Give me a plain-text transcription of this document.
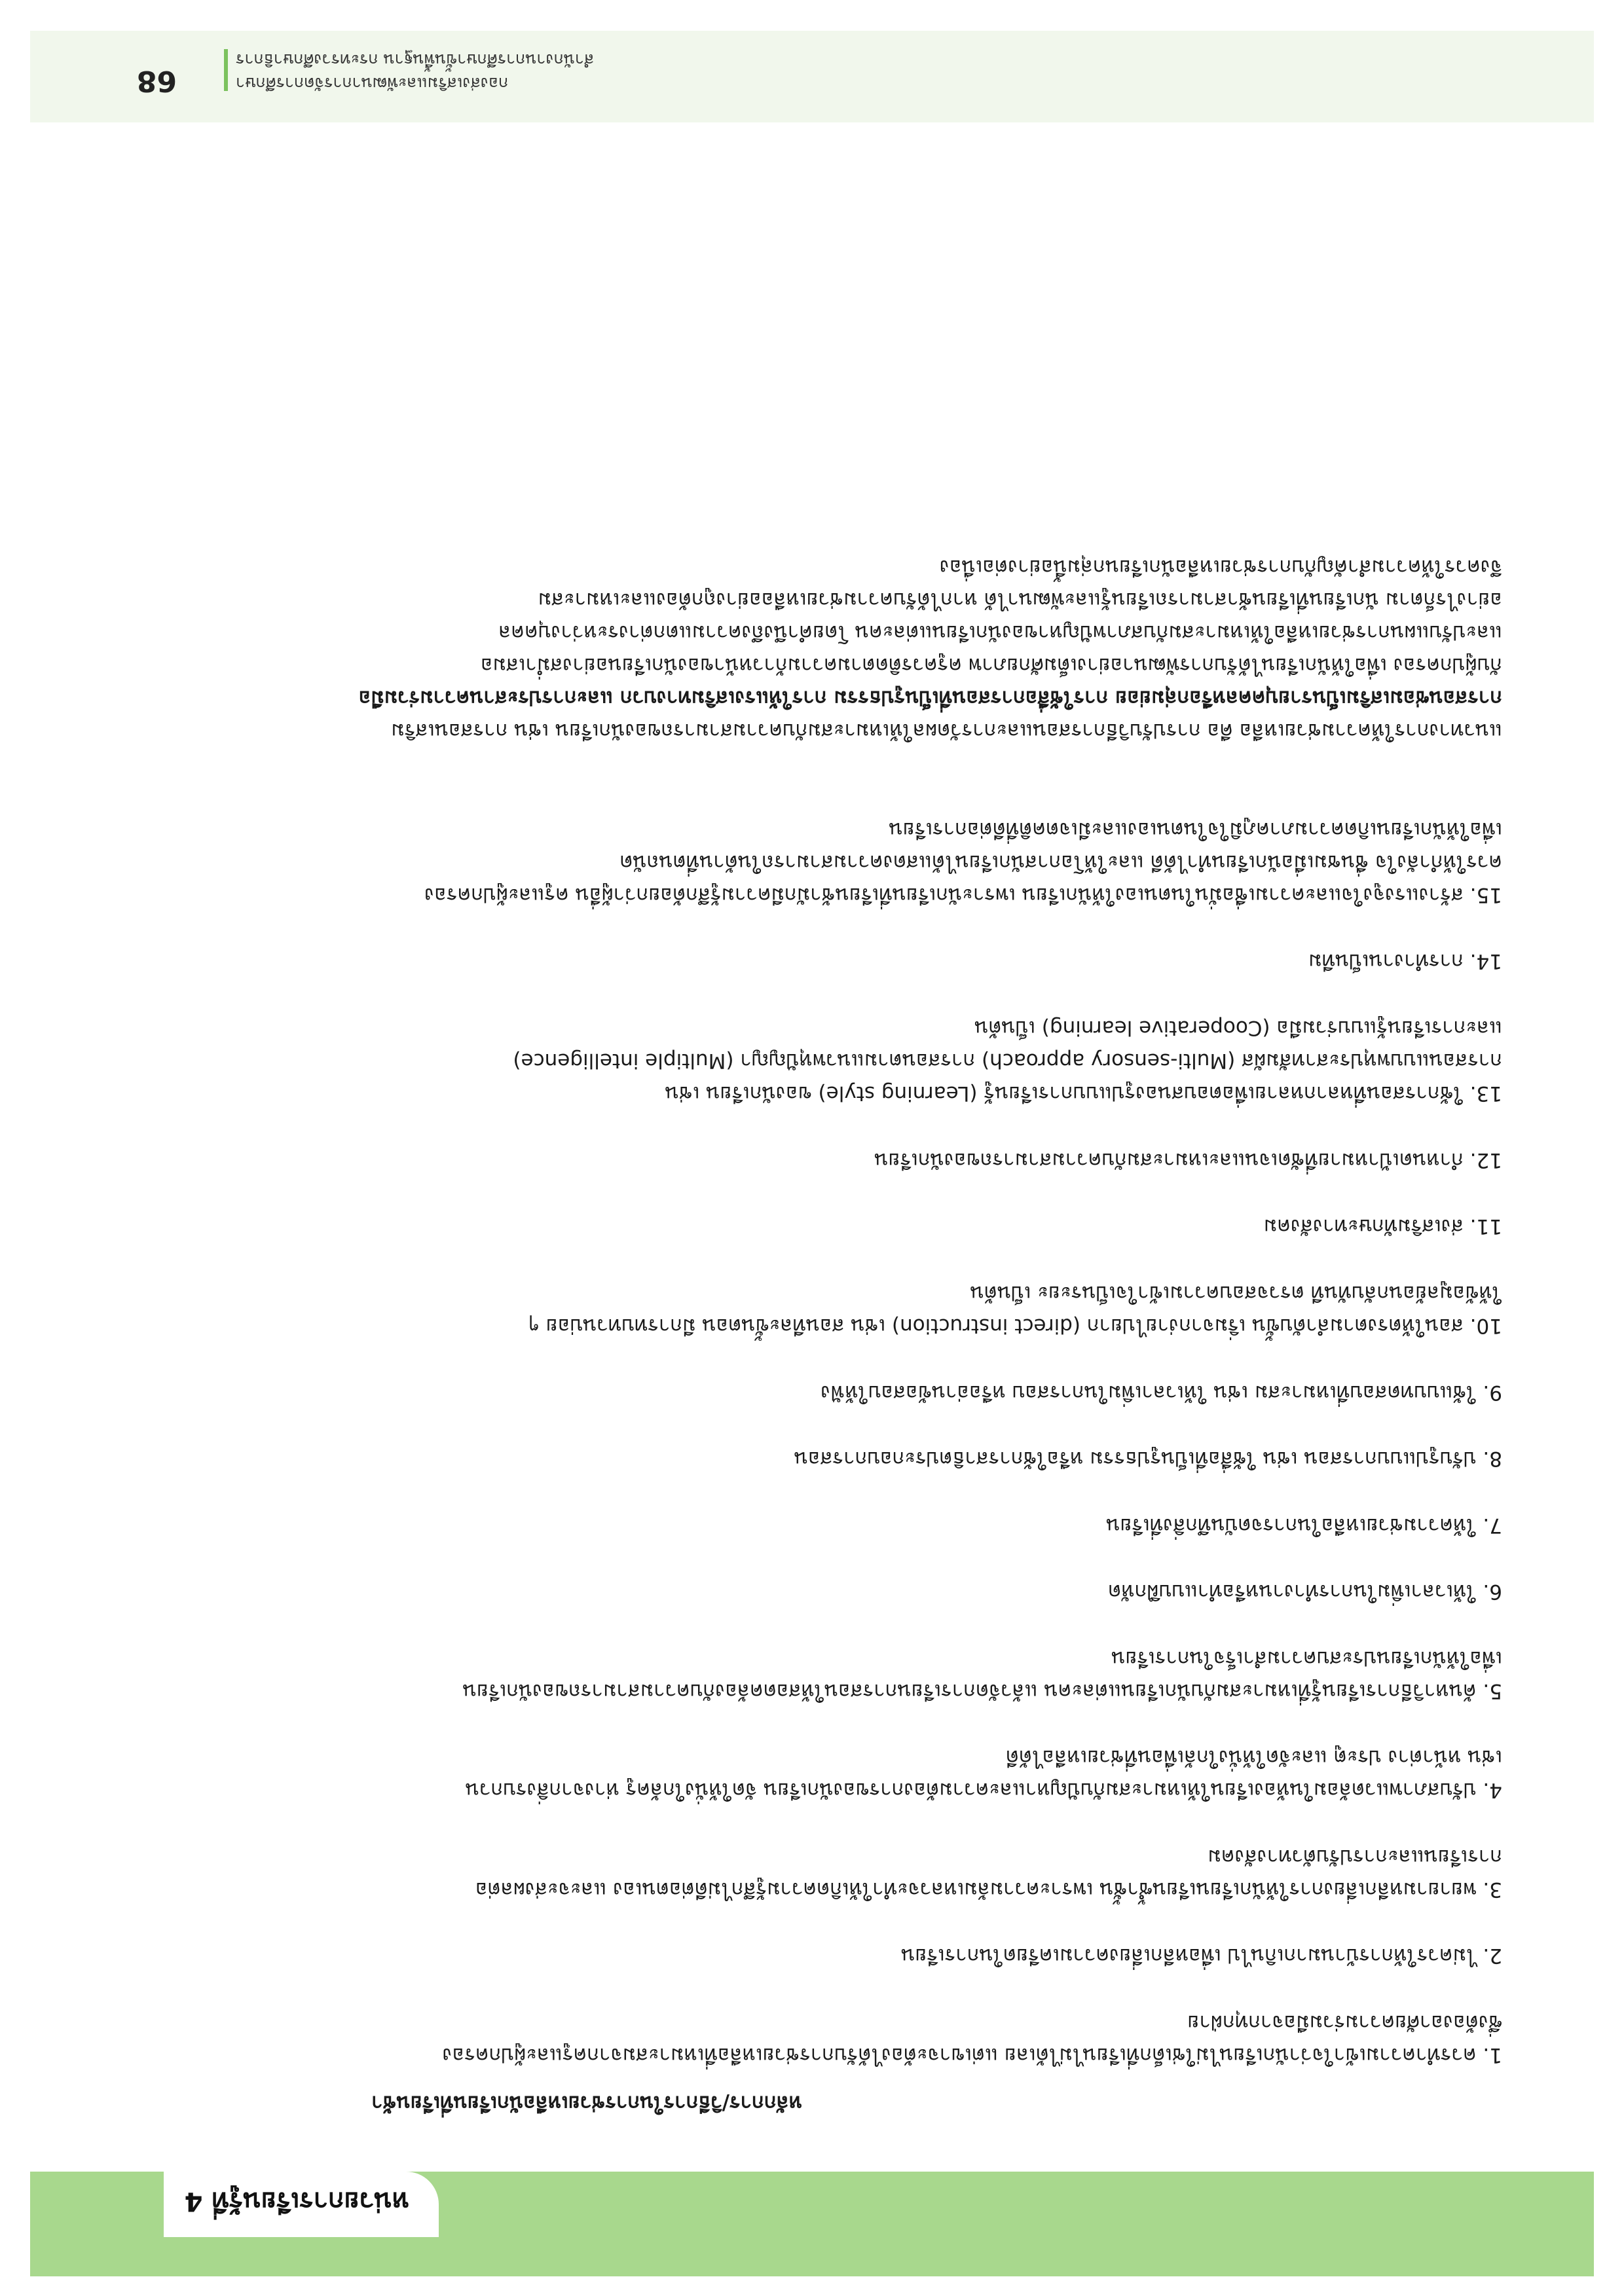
หน่วยการเรียนรู้ที่ 4
หลักการ/วิธีการในการช่วยเหลือนักเรียนที่เรียนช้า
1. ควรทำความเข้าใจว่านักเรียนไม่ใช่เด็กที่เรียนไม่ได้เลย แต่เขาจะต้องได้รับการช่วยเหลือที่เหมาะสมจากครูและผู้ปกครอง
ซึ่งต้องอาศัยความร่วมมือจากทุกฝ่าย
2. ไม่ควรให้การบ้านมากเกินไป เพื่อหลีกเลี่ยงความเครียดในการเรียน
3. พยายามหลีกเลี่ยงการให้นักเรียนเรียนซ้ำชั้น เพราะความล้มเหลวจะทำให้เกิดความรู้สึกไม่ดีต่อตนเอง และจะส่งผลต่อ
การเรียนและการปรับตัวทางสังคม
4. ปรับสภาพแวดล้อมในห้องเรียนให้เหมาะสมกับปัญหาและความต้องการของนักเรียน จัดให้นั่งใกล้ครู ห่างจากสิ่งรบกวน
เช่น หน้าต่าง ประตู และจัดให้นั่งใกล้เพื่อนที่ช่วยเหลือได้ดี
5. ค้นหาวิธีการเรียนรู้ที่เหมาะสมกับนักเรียนแต่ละคน แล้วจัดการเรียนการสอนให้สอดคล้องกับความสามารถของนักเรียน
เพื่อให้นักเรียนประสบความสำเร็จในการเรียน
6. ให้เวลาเพิ่มในการทำงานหรือทำแบบฝึกหัด
7. ให้ความช่วยเหลือในการจดบันทึกสิ่งที่เรียน
8. ปรับรูปแบบการสอน เช่น ใช้สื่อที่เป็นรูปธรรม หรือใช้การสาธิตประกอบการสอน
9. ใช้แบบทดสอบที่เหมาะสม เช่น ให้เวลาเพิ่มในการสอบ หรืออ่านข้อสอบให้ฟัง
10. สอนให้ตรงตามลำดับขั้น เริ่มจากง่ายไปยาก (direct instruction) เช่น สอนทีละขั้นตอน มีการทบทวนบ่อย ๆ
ให้ข้อมูลย้อนกลับทันที ตรวจสอบความเข้าใจเป็นระยะ เป็นต้น
11. ส่งเสริมทักษะทางสังคม
12. กำหนดเป้าหมายที่ชัดเจนและเหมาะสมกับความสามารถของนักเรียน
13. ใช้การสอนที่หลากหลายเพื่อตอบสนองรูปแบบการเรียนรู้ (Learning style) ของนักเรียน เช่น
การสอนแบบพหุประสาทสัมผัส (Multi-sensory approach) การสอนตามแนวพหุปัญญา (Multiple intelligence)
และการเรียนรู้แบบร่วมมือ (Cooperative learning) เป็นต้น
14. การทำงานเป็นทีม
15. สร้างแรงจูงใจและความเชื่อมั่นในตนเองให้นักเรียน เพราะนักเรียนที่เรียนช้ามักมีความรู้สึกด้อยกว่าผู้อื่น ครูและผู้ปกครอง
ควรให้กำลังใจ ชื่นชมเมื่อนักเรียนทำได้ดี และให้โอกาสนักเรียนได้แสดงความสามารถในด้านที่ตนถนัด
เพื่อให้นักเรียนเกิดความภาคภูมิใจในตนเองและมีเจตคติที่ดีต่อการเรียน
แนวทางการให้ความช่วยเหลือ คือ การปรับวิธีการสอนและการวัดผลให้เหมาะสมกับความสามารถของนักเรียน เช่น การสอนเสริม
การสอนซ่อมเสริมเป็นรายบุคคลหรือกลุ่มย่อย การใช้สื่อการสอนที่เป็นรูปธรรม การให้แรงเสริมทางบวก และการประสานความร่วมมือ
กับผู้ปกครอง เพื่อให้นักเรียนได้รับการพัฒนาอย่างเต็มศักยภาพ ครูควรติดตามความก้าวหน้าของนักเรียนอย่างสม่ำเสมอ
และปรับแผนการช่วยเหลือให้เหมาะสมกับสภาพปัญหาของนักเรียนแต่ละคน โดยคำนึงถึงความแตกต่างระหว่างบุคคล
อย่างไรก็ตาม นักเรียนที่เรียนช้าสามารถเรียนรู้และพัฒนาได้ หากได้รับความช่วยเหลืออย่างถูกต้องและเหมาะสม
จึงควรให้ความสำคัญกับการช่วยเหลือนักเรียนกลุ่มนี้อย่างต่อเนื่อง
กองส่งเสริมและพัฒนาการจัดการศึกษา
สำนักงานการศึกษาขั้นพื้นฐาน กระทรวงศึกษาธิการ
68
